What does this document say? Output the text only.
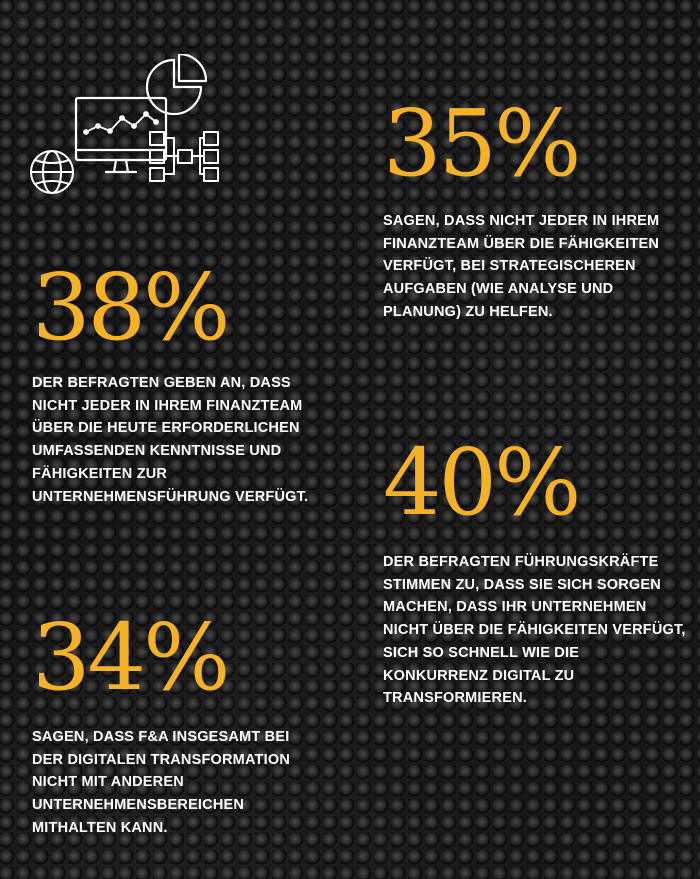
35%

SAGEN, DASS NICHT JEDER IN IHREM FINANZTEAM ÜBER DIE FÄHIGKEITEN VERFÜGT, BEI STRATEGISCHEREN AUFGABEN (WIE ANALYSE UND PLANUNG) ZU HELFEN.

38%

DER BEFRAGTEN GEBEN AN, DASS NICHT JEDER IN IHREM FINANZTEAM ÜBER DIE HEUTE ERFORDERLICHEN UMFASSENDEN KENNTNISSE UND FÄHIGKEITEN ZUR UNTERNEHMENSFÜHRUNG VERFÜGT. 40%

DER BEFRAGTEN FÜHRUNGSKRÄFTE STIMMEN ZU, DASS SIE SICH SORGEN MACHEN, DASS IHR UNTERNEHMEN NICHT ÜBER DIE FÄHIGKEITEN VERFÜGT, SICH SO SCHNELL WIE DIE KONKURRENZ DIGITAL ZU TRANSFORMIEREN.

34%

SAGEN, DASS F&A INSGESAMT BEI DER DIGITALEN TRANSFORMATION NICHT MIT ANDEREN UNTERNEHMENSBEREICHEN MITHALTEN KANN.
